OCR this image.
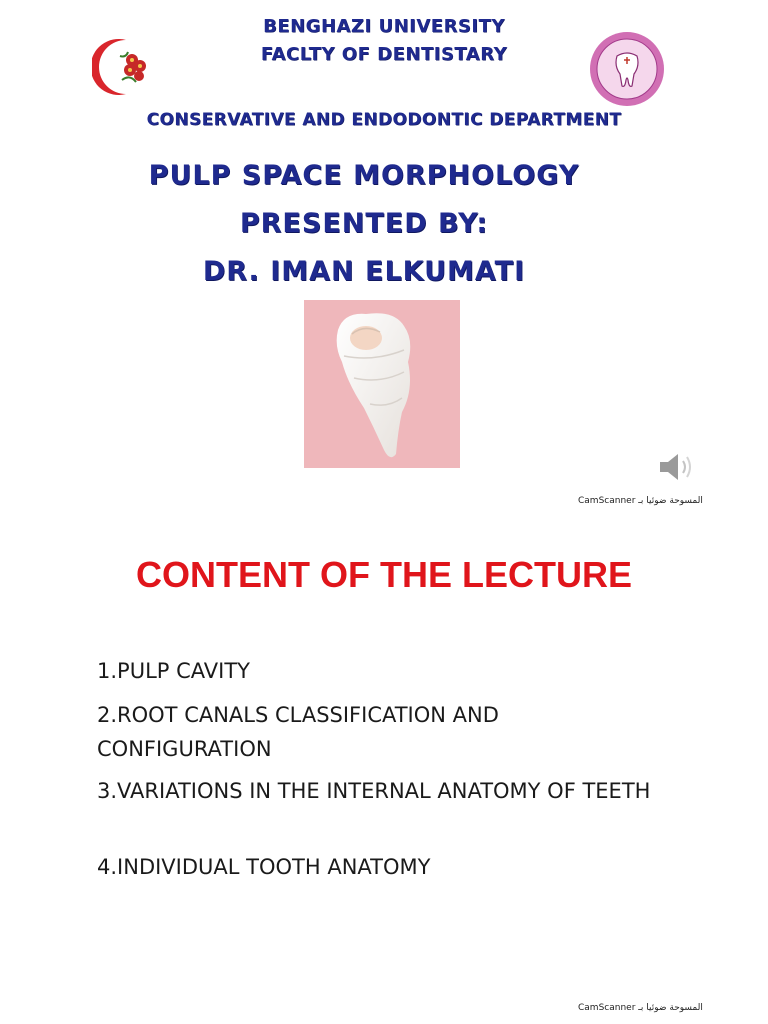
BENGHAZI UNIVERSITY
FACLTY OF DENTISTARY
CONSERVATIVE AND ENDODONTIC DEPARTMENT
PULP SPACE MORPHOLOGY
PRESENTED BY:
DR. IMAN ELKUMATI
CamScanner المسوحة ضوئيا بـ
CONTENT OF THE LECTURE
1.PULP CAVITY
2.ROOT CANALS CLASSIFICATION AND CONFIGURATION
3.VARIATIONS IN THE INTERNAL ANATOMY OF TEETH
4.INDIVIDUAL TOOTH ANATOMY
CamScanner المسوحة ضوئيا بـ
